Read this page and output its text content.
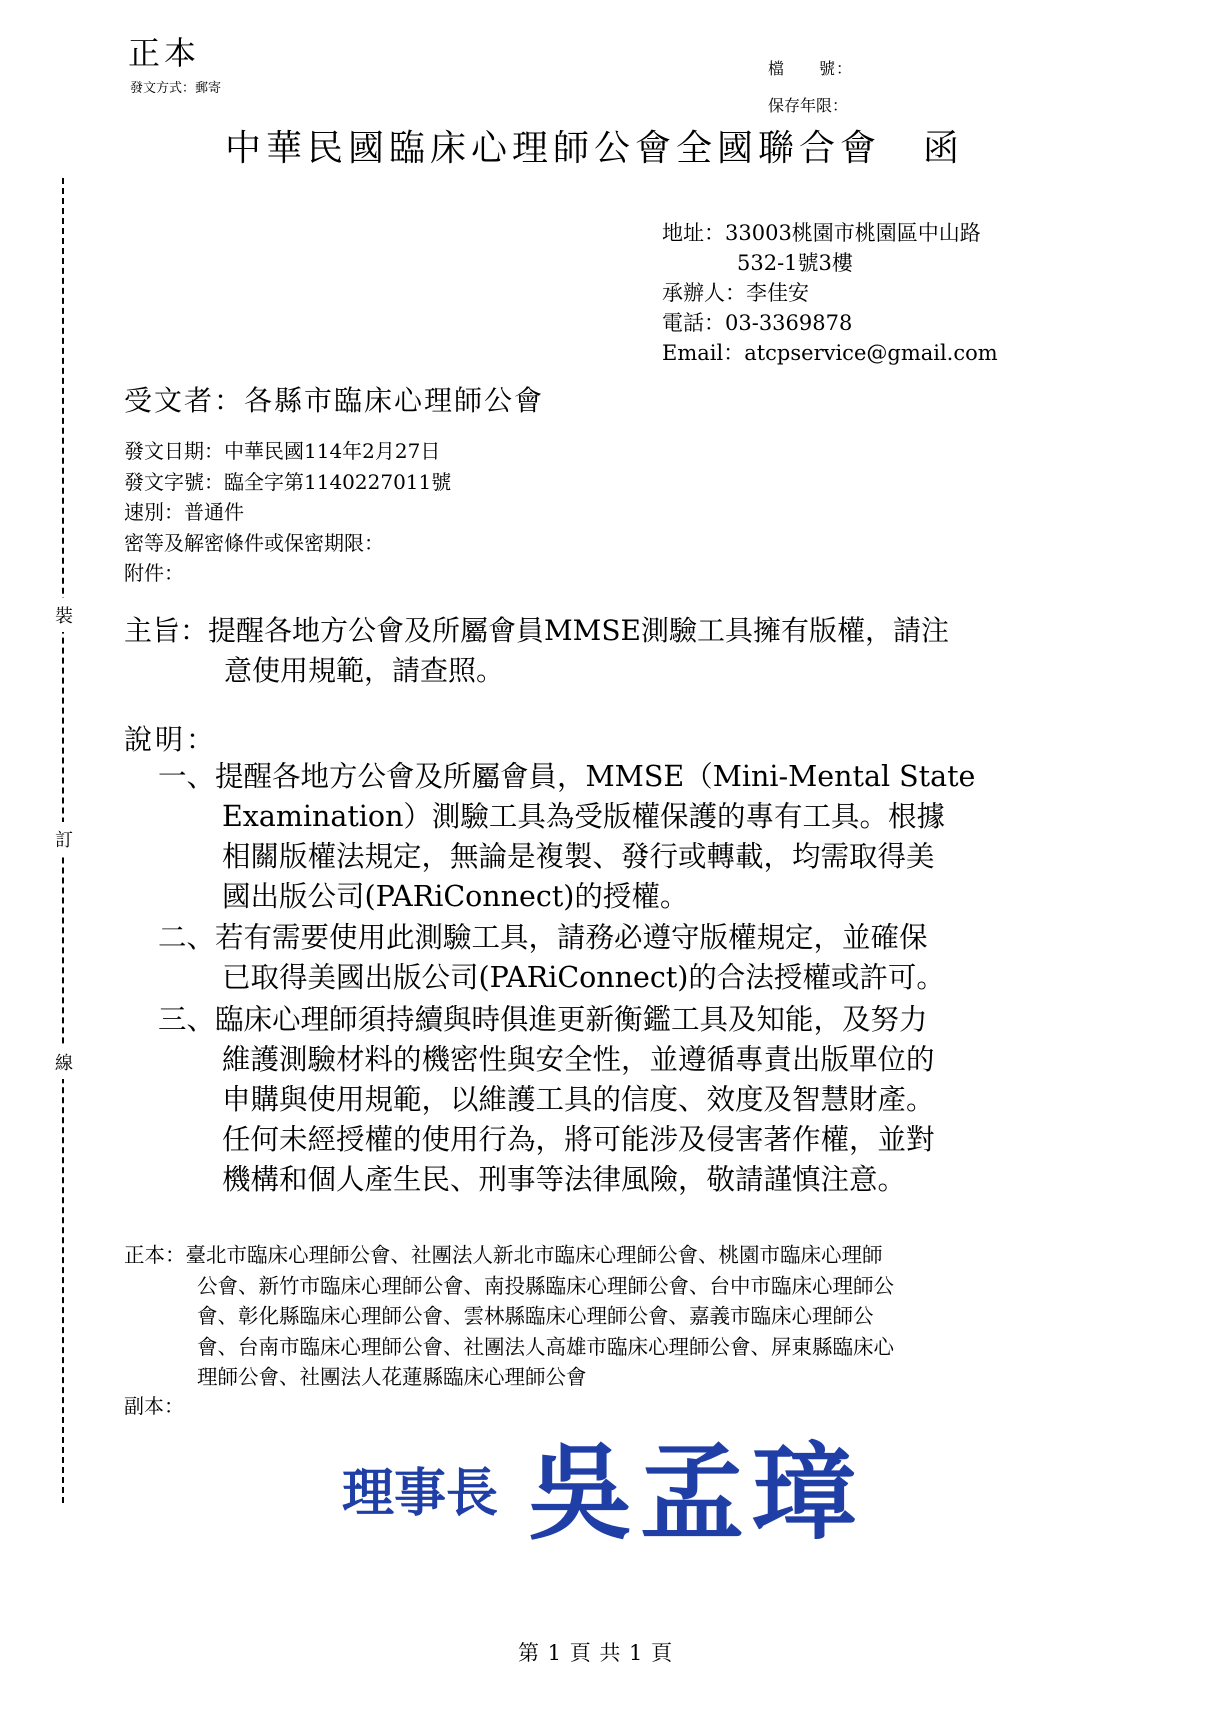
正本
發文方式：郵寄
檔　　號：
保存年限：
中華民國臨床心理師公會全國聯合會 函
地址：33003桃園市桃園區中山路
532-1號3樓
承辦人：李佳安
電話：03-3369878
Email：atcpservice@gmail.com
受文者：各縣市臨床心理師公會
發文日期：中華民國114年2月27日
發文字號：臨全字第1140227011號
速別：普通件
密等及解密條件或保密期限：
附件：
主旨：提醒各地方公會及所屬會員MMSE測驗工具擁有版權，請注
意使用規範，請查照。
說明：
一、提醒各地方公會及所屬會員，MMSE（Mini-Mental State
Examination）測驗工具為受版權保護的專有工具。根據
相關版權法規定，無論是複製、發行或轉載，均需取得美
國出版公司(PARiConnect)的授權。
二、若有需要使用此測驗工具，請務必遵守版權規定，並確保
已取得美國出版公司(PARiConnect)的合法授權或許可。
三、臨床心理師須持續與時俱進更新衡鑑工具及知能，及努力
維護測驗材料的機密性與安全性，並遵循專責出版單位的
申購與使用規範，以維護工具的信度、效度及智慧財產。
任何未經授權的使用行為，將可能涉及侵害著作權，並對
機構和個人產生民、刑事等法律風險，敬請謹慎注意。
正本：臺北市臨床心理師公會、社團法人新北市臨床心理師公會、桃園市臨床心理師
公會、新竹市臨床心理師公會、南投縣臨床心理師公會、台中市臨床心理師公
會、彰化縣臨床心理師公會、雲林縣臨床心理師公會、嘉義市臨床心理師公
會、台南市臨床心理師公會、社團法人高雄市臨床心理師公會、屏東縣臨床心
理師公會、社團法人花蓮縣臨床心理師公會
副本：
裝
訂
線
理事長 吳孟璋
第 1 頁 共 1 頁
